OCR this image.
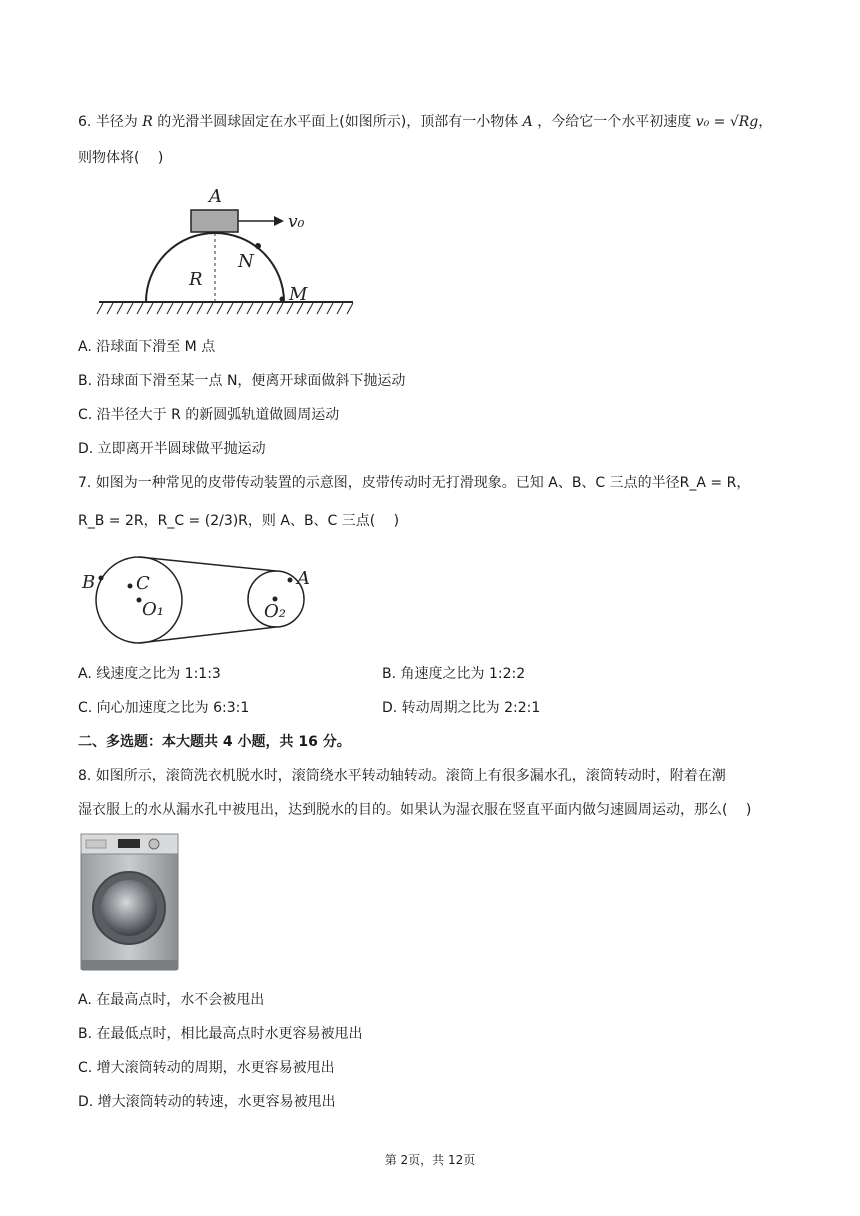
6. 半径为 R 的光滑半圆球固定在水平面上(如图所示)，顶部有一小物体 A ，今给它一个水平初速度 v₀ = √Rg，
则物体将(　 )
A
v₀
N
R
M
A. 沿球面下滑至 M 点
B. 沿球面下滑至某一点 N，便离开球面做斜下抛运动
C. 沿半径大于 R 的新圆弧轨道做圆周运动
D. 立即离开半圆球做平抛运动
7. 如图为一种常见的皮带传动装置的示意图，皮带传动时无打滑现象。已知 A、B、C 三点的半径R_A = R，
R_B = 2R，R_C = (2/3)R，则 A、B、C 三点(　 )
B C
O₁
A
O₂
A. 线速度之比为 1:1:3	B. 角速度之比为 1:2:2
C. 向心加速度之比为 6:3:1	D. 转动周期之比为 2:2:1
二、多选题：本大题共 4 小题，共 16 分。
8. 如图所示，滚筒洗衣机脱水时，滚筒绕水平转动轴转动。滚筒上有很多漏水孔，滚筒转动时，附着在潮
湿衣服上的水从漏水孔中被甩出，达到脱水的目的。如果认为湿衣服在竖直平面内做匀速圆周运动，那么(　 )
A. 在最高点时，水不会被甩出
B. 在最低点时，相比最高点时水更容易被甩出
C. 增大滚筒转动的周期，水更容易被甩出
D. 增大滚筒转动的转速，水更容易被甩出
第 2页，共 12页
